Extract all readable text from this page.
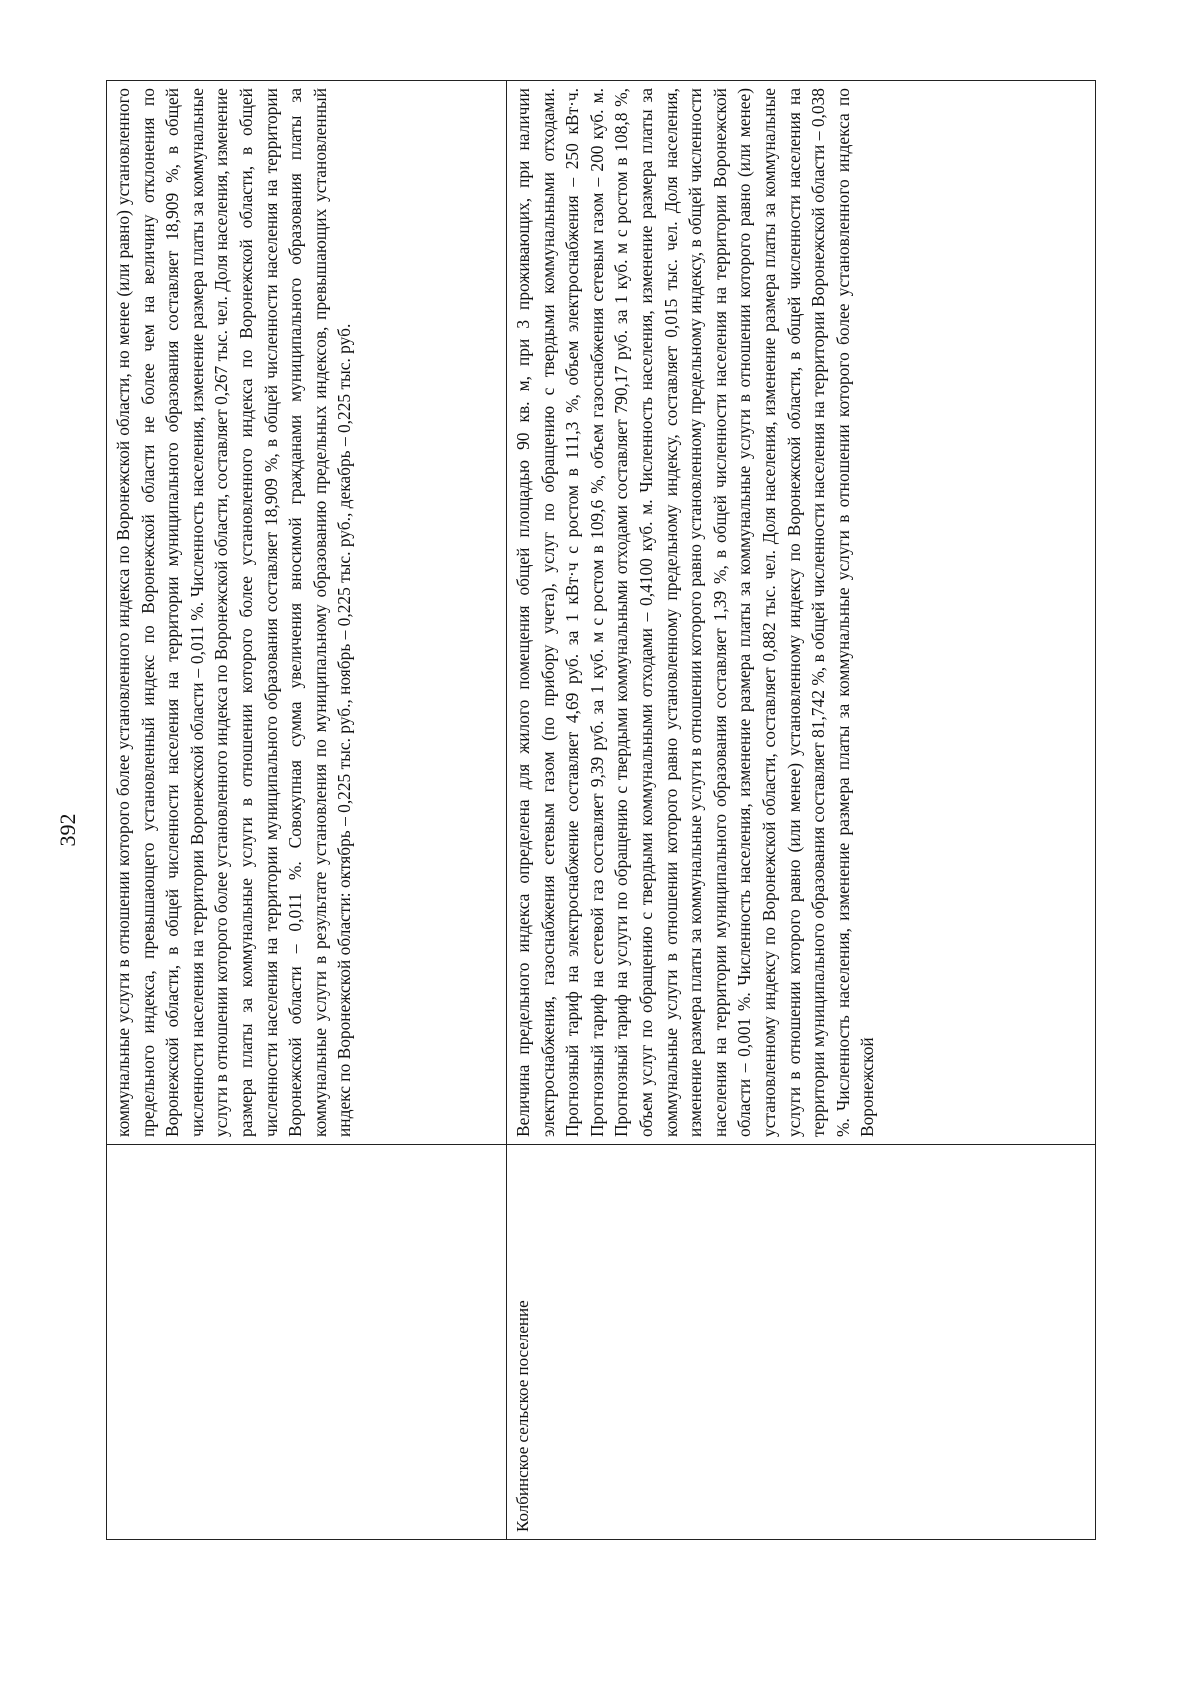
392
	коммунальные услуги в отношении которого более установленного индекса по Воронежской области, но менее (или равно) установленного предельного индекса, превышающего установленный индекс по Воронежской области не более чем на величину отклонения по Воронежской области, в общей численности населения на территории муниципального образования составляет 18,909 %, в общей численности населения на территории Воронежской области – 0,011 %. Численность населения, изменение размера платы за коммунальные услуги в отношении которого более установленного индекса по Воронежской области, составляет 0,267 тыс. чел. Доля населения, изменение размера платы за коммунальные услуги в отношении которого более установленного индекса по Воронежской области, в общей численности населения на территории муниципального образования составляет 18,909 %, в общей численности населения на территории Воронежской области – 0,011 %. Совокупная сумма увеличения вносимой гражданами муниципального образования платы за коммунальные услуги в результате установления по муниципальному образованию предельных индексов, превышающих установленный индекс по Воронежской области: октябрь – 0,225 тыс. руб., ноябрь – 0,225 тыс. руб., декабрь – 0,225 тыс. руб.
Колбинское сельское поселение	Величина предельного индекса определена для жилого помещения общей площадью 90 кв. м, при 3 проживающих, при наличии электроснабжения, газоснабжения сетевым газом (по прибору учета), услуг по обращению с твердыми коммунальными отходами. Прогнозный тариф на электроснабжение составляет 4,69 руб. за 1 кВт·ч с ростом в 111,3 %, объем электроснабжения – 250 кВт·ч. Прогнозный тариф на сетевой газ составляет 9,39 руб. за 1 куб. м с ростом в 109,6 %, объем газоснабжения сетевым газом – 200 куб. м. Прогнозный тариф на услуги по обращению с твердыми коммунальными отходами составляет 790,17 руб. за 1 куб. м с ростом в 108,8 %, объем услуг по обращению с твердыми коммунальными отходами – 0,4100 куб. м. Численность населения, изменение размера платы за коммунальные услуги в отношении которого равно установленному предельному индексу, составляет 0,015 тыс. чел. Доля населения, изменение размера платы за коммунальные услуги в отношении которого равно установленному предельному индексу, в общей численности населения на территории муниципального образования составляет 1,39 %, в общей численности населения на территории Воронежской области – 0,001 %. Численность населения, изменение размера платы за коммунальные услуги в отношении которого равно (или менее) установленному индексу по Воронежской области, составляет 0,882 тыс. чел. Доля населения, изменение размера платы за коммунальные услуги в отношении которого равно (или менее) установленному индексу по Воронежской области, в общей численности населения на территории муниципального образования составляет 81,742 %, в общей численности населения на территории Воронежской области – 0,038 %. Численность населения, изменение размера платы за коммунальные услуги в отношении которого более установленного индекса по Воронежской
